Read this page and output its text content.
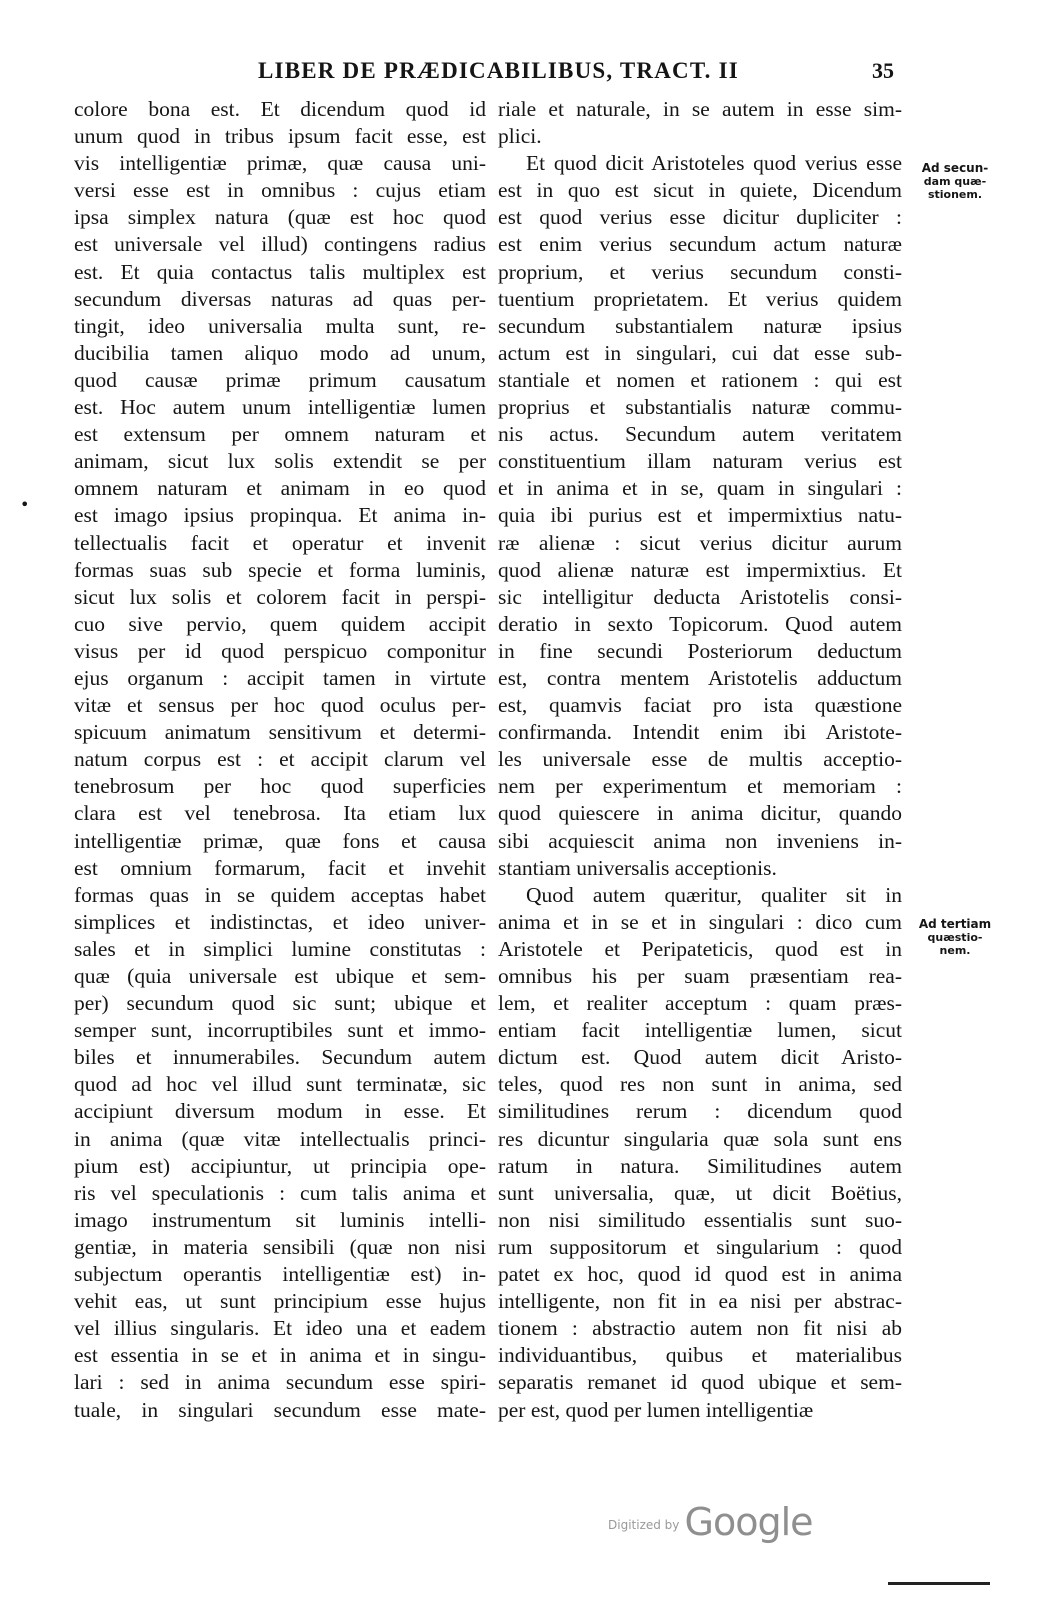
LIBER DE PRÆDICABILIBUS, TRACT. II	35
•
colore bona est. Et dicendum quod id
unum quod in tribus ipsum facit esse, est
vis intelligentiæ primæ, quæ causa uni-
versi esse est in omnibus : cujus etiam
ipsa simplex natura (quæ est hoc quod
est universale vel illud) contingens radius
est. Et quia contactus talis multiplex est
secundum diversas naturas ad quas per-
tingit, ideo universalia multa sunt, re-
ducibilia tamen aliquo modo ad unum,
quod causæ primæ primum causatum
est. Hoc autem unum intelligentiæ lumen
est extensum per omnem naturam et
animam, sicut lux solis extendit se per
omnem naturam et animam in eo quod
est imago ipsius propinqua. Et anima in-
tellectualis facit et operatur et invenit
formas suas sub specie et forma luminis,
sicut lux solis et colorem facit in perspi-
cuo sive pervio, quem quidem accipit
visus per id quod perspicuo componitur
ejus organum : accipit tamen in virtute
vitæ et sensus per hoc quod oculus per-
spicuum animatum sensitivum et determi-
natum corpus est : et accipit clarum vel
tenebrosum per hoc quod superficies
clara est vel tenebrosa. Ita etiam lux
intelligentiæ primæ, quæ fons et causa
est omnium formarum, facit et invehit
formas quas in se quidem acceptas habet
simplices et indistinctas, et ideo univer-
sales et in simplici lumine constitutas :
quæ (quia universale est ubique et sem-
per) secundum quod sic sunt; ubique et
semper sunt, incorruptibiles sunt et immo-
biles et innumerabiles. Secundum autem
quod ad hoc vel illud sunt terminatæ, sic
accipiunt diversum modum in esse. Et
in anima (quæ vitæ intellectualis princi-
pium est) accipiuntur, ut principia ope-
ris vel speculationis : cum talis anima et
imago instrumentum sit luminis intelli-
gentiæ, in materia sensibili (quæ non nisi
subjectum operantis intelligentiæ est) in-
vehit eas, ut sunt principium esse hujus
vel illius singularis. Et ideo una et eadem
est essentia in se et in anima et in singu-
lari : sed in anima secundum esse spiri-
tuale, in singulari secundum esse mate-
riale et naturale, in se autem in esse sim-
plici.
Et quod dicit Aristoteles quod verius esse
est in quo est sicut in quiete, Dicendum
est quod verius esse dicitur dupliciter :
est enim verius secundum actum naturæ
proprium, et verius secundum consti-
tuentium proprietatem. Et verius quidem
secundum substantialem naturæ ipsius
actum est in singulari, cui dat esse sub-
stantiale et nomen et rationem : qui est
proprius et substantialis naturæ commu-
nis actus. Secundum autem veritatem
constituentium illam naturam verius est
et in anima et in se, quam in singulari :
quia ibi purius est et impermixtius natu-
ræ alienæ : sicut verius dicitur aurum
quod alienæ naturæ est impermixtius. Et
sic intelligitur deducta Aristotelis consi-
deratio in sexto Topicorum. Quod autem
in fine secundi Posteriorum deductum
est, contra mentem Aristotelis adductum
est, quamvis faciat pro ista quæstione
confirmanda. Intendit enim ibi Aristote-
les universale esse de multis acceptio-
nem per experimentum et memoriam :
quod quiescere in anima dicitur, quando
sibi acquiescit anima non inveniens in-
stantiam universalis acceptionis.
Quod autem quæritur, qualiter sit in
anima et in se et in singulari : dico cum
Aristotele et Peripateticis, quod est in
omnibus his per suam præsentiam rea-
lem, et realiter acceptum : quam præs-
entiam facit intelligentiæ lumen, sicut
dictum est. Quod autem dicit Aristo-
teles, quod res non sunt in anima, sed
similitudines rerum : dicendum quod
res dicuntur singularia quæ sola sunt ens
ratum in natura. Similitudines autem
sunt universalia, quæ, ut dicit Boëtius,
non nisi similitudo essentialis sunt suo-
rum suppositorum et singularium : quod
patet ex hoc, quod id quod est in anima
intelligente, non fit in ea nisi per abstrac-
tionem : abstractio autem non fit nisi ab
individuantibus, quibus et materialibus
separatis remanet id quod ubique et sem-
per est, quod per lumen intelligentiæ
Ad secun-
dam quæ-
stionem.
Ad tertiam
quæstio-
nem.
$^{Digitized by}$ Google
